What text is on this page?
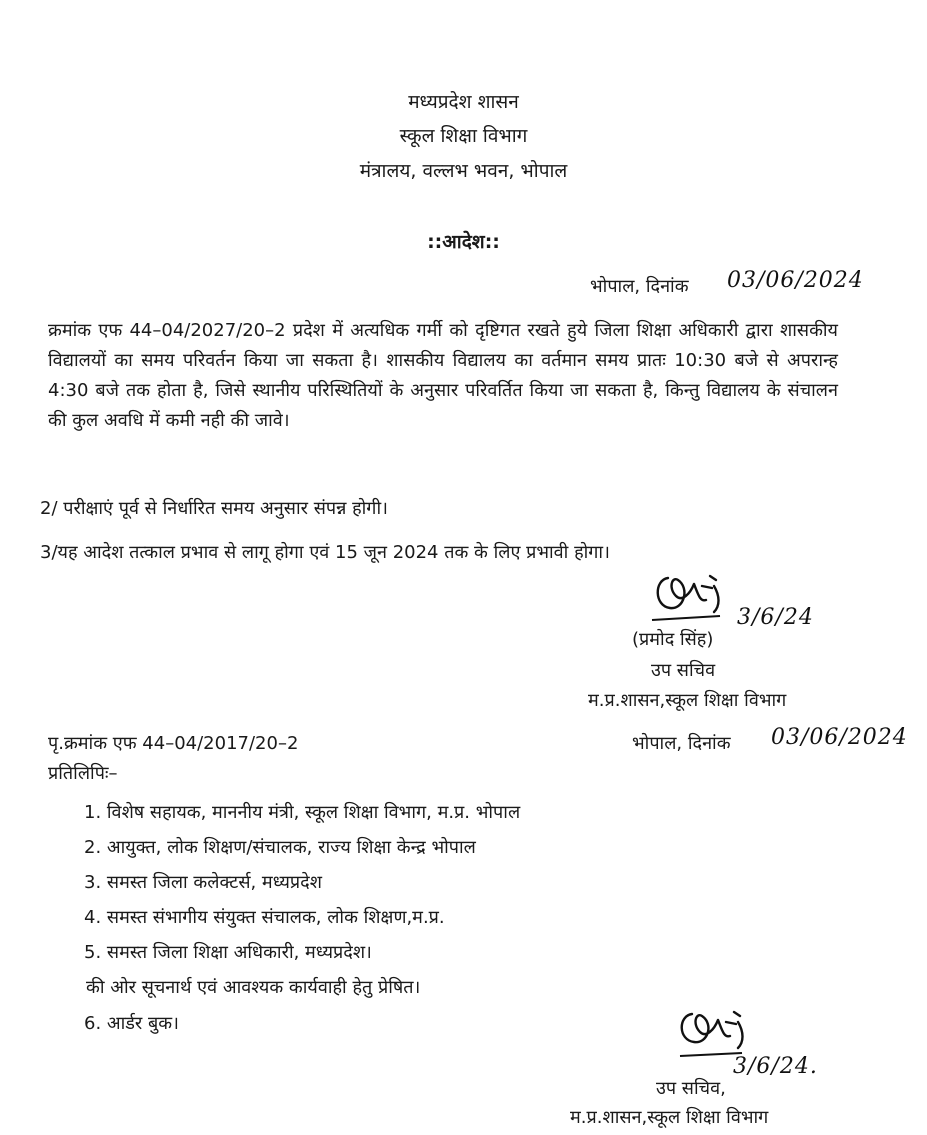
मध्यप्रदेश शासन
स्कूल शिक्षा विभाग
मंत्रालय, वल्लभ भवन, भोपाल
::आदेश::
भोपाल, दिनांक 03/06/2024
क्रमांक एफ 44–04/2027/20–2 प्रदेश में अत्यधिक गर्मी को दृष्टिगत रखते हुये जिला शिक्षा अधिकारी द्वारा शासकीय विद्यालयों का समय परिवर्तन किया जा सकता है। शासकीय विद्यालय का वर्तमान समय प्रातः 10:30 बजे से अपरान्ह 4:30 बजे तक होता है, जिसे स्थानीय परिस्थितियों के अनुसार परिवर्तित किया जा सकता है, किन्तु विद्यालय के संचालन की कुल अवधि में कमी नही की जावे।
2/ परीक्षाएं पूर्व से निर्धारित समय अनुसार संपन्न होगी।
3/यह आदेश तत्काल प्रभाव से लागू होगा एवं 15 जून 2024 तक के लिए प्रभावी होगा।
3/6/24
(प्रमोद सिंह)
उप सचिव
म.प्र.शासन,स्कूल शिक्षा विभाग
पृ.क्रमांक एफ 44–04/2017/20–2	भोपाल, दिनांक 03/06/2024
प्रतिलिपिः–
1. विशेष सहायक, माननीय मंत्री, स्कूल शिक्षा विभाग, म.प्र. भोपाल
2. आयुक्त, लोक शिक्षण/संचालक, राज्य शिक्षा केन्द्र भोपाल
3. समस्त जिला कलेक्टर्स, मध्यप्रदेश
4. समस्त संभागीय संयुक्त संचालक, लोक शिक्षण,म.प्र.
5. समस्त जिला शिक्षा अधिकारी, मध्यप्रदेश।
की ओर सूचनार्थ एवं आवश्यक कार्यवाही हेतु प्रेषित।
6. आर्डर बुक।
3/6/24.
उप सचिव,
म.प्र.शासन,स्कूल शिक्षा विभाग
